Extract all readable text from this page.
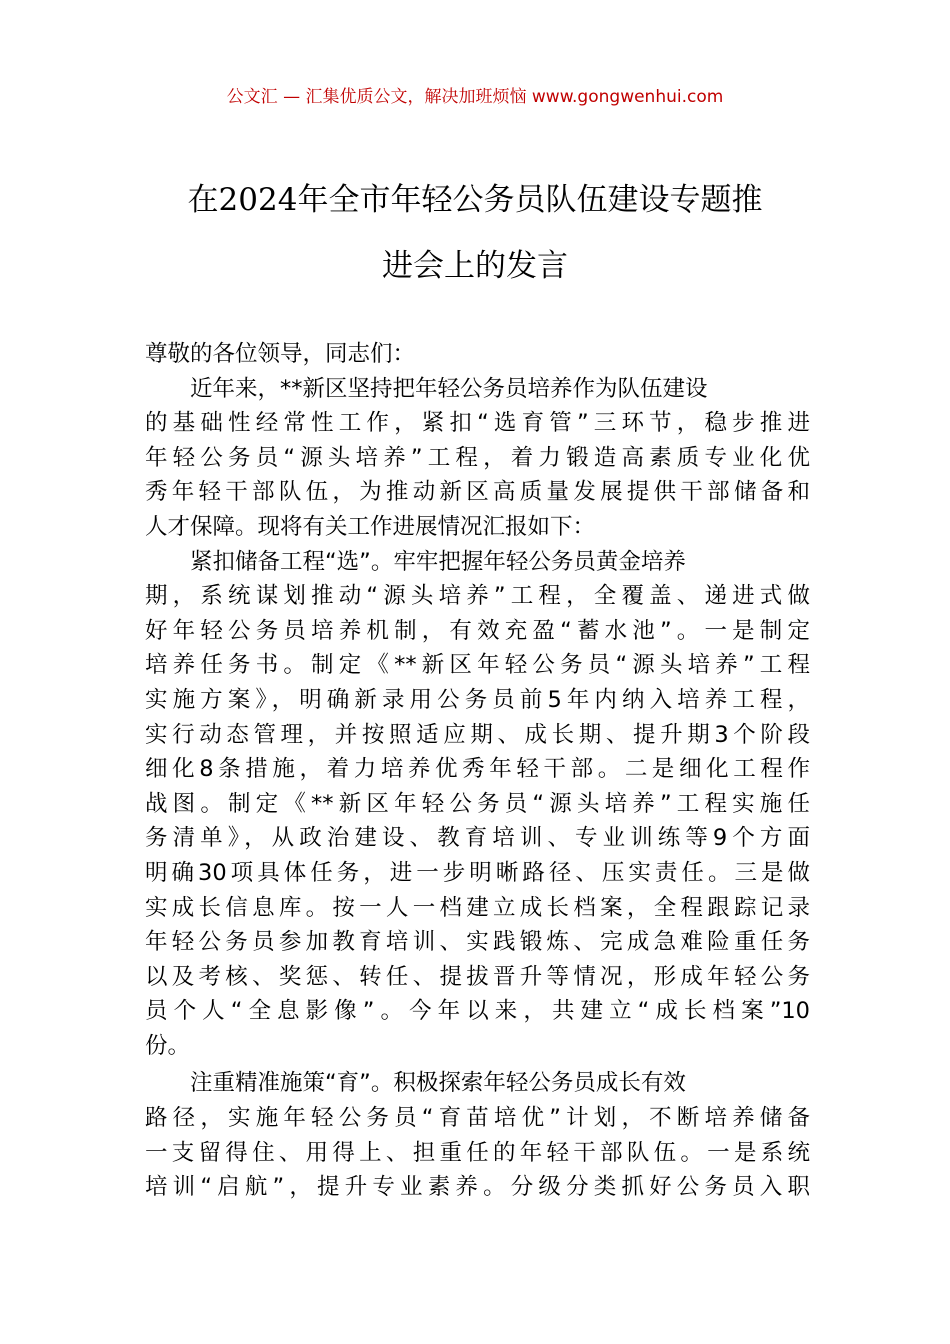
公文汇 — 汇集优质公文，解决加班烦恼 www.gongwenhui.com
在2024年全市年轻公务员队伍建设专题推
进会上的发言
尊敬的各位领导，同志们：
近年来，**新区坚持把年轻公务员培养作为队伍建设
的基础性经常性工作，紧扣“选育管”三环节，稳步推进
年轻公务员“源头培养”工程，着力锻造高素质专业化优
秀年轻干部队伍，为推动新区高质量发展提供干部储备和
人才保障。现将有关工作进展情况汇报如下：
紧扣储备工程“选”。牢牢把握年轻公务员黄金培养
期，系统谋划推动“源头培养”工程，全覆盖、递进式做
好年轻公务员培养机制，有效充盈“蓄水池”。一是制定
培养任务书。制定《**新区年轻公务员“源头培养”工程
实施方案》，明确新录用公务员前5年内纳入培养工程，
实行动态管理，并按照适应期、成长期、提升期3个阶段
细化8条措施，着力培养优秀年轻干部。二是细化工程作
战图。制定《**新区年轻公务员“源头培养”工程实施任
务清单》，从政治建设、教育培训、专业训练等9个方面
明确30项具体任务，进一步明晰路径、压实责任。三是做
实成长信息库。按一人一档建立成长档案，全程跟踪记录
年轻公务员参加教育培训、实践锻炼、完成急难险重任务
以及考核、奖惩、转任、提拔晋升等情况，形成年轻公务
员个人“全息影像”。今年以来，共建立“成长档案”10
份。
注重精准施策“育”。积极探索年轻公务员成长有效
路径，实施年轻公务员“育苗培优”计划，不断培养储备
一支留得住、用得上、担重任的年轻干部队伍。一是系统
培训“启航”，提升专业素养。分级分类抓好公务员入职
